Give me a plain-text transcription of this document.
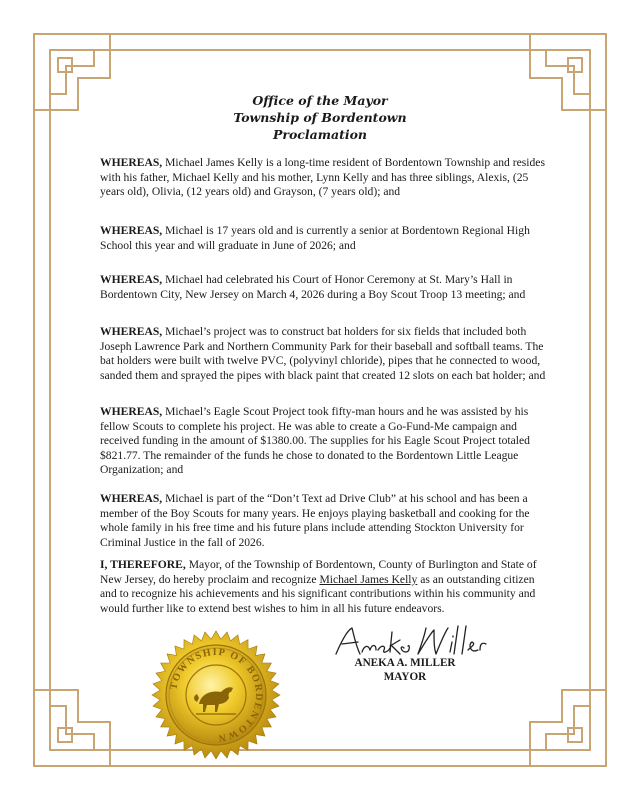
Office of the Mayor
Township of Bordentown
Proclamation

WHEREAS, Michael James Kelly is a long-time resident of Bordentown Township and resides with his father, Michael Kelly and his mother, Lynn Kelly and has three siblings, Alexis, (25 years old), Olivia, (12 years old) and Grayson, (7 years old); and

WHEREAS, Michael is 17 years old and is currently a senior at Bordentown Regional High School this year and will graduate in June of 2026; and

WHEREAS, Michael had celebrated his Court of Honor Ceremony at St. Mary’s Hall in Bordentown City, New Jersey on March 4, 2026 during a Boy Scout Troop 13 meeting; and

WHEREAS, Michael’s project was to construct bat holders for six fields that included both Joseph Lawrence Park and Northern Community Park for their baseball and softball teams. The bat holders were built with twelve PVC, (polyvinyl chloride), pipes that he connected to wood, sanded them and sprayed the pipes with black paint that created 12 slots on each bat holder; and

WHEREAS, Michael’s Eagle Scout Project took fifty-man hours and he was assisted by his fellow Scouts to complete his project. He was able to create a Go-Fund-Me campaign and received funding in the amount of $1380.00. The supplies for his Eagle Scout Project totaled $821.77. The remainder of the funds he chose to donated to the Bordentown Little League Organization; and

WHEREAS, Michael is part of the “Don’t Text ad Drive Club” at his school and has been a member of the Boy Scouts for many years. He enjoys playing basketball and cooking for the whole family in his free time and his future plans include attending Stockton University for Criminal Justice in the fall of 2026.

I, THEREFORE, Mayor, of the Township of Bordentown, County of Burlington and State of New Jersey, do hereby proclaim and recognize Michael James Kelly as an outstanding citizen and to recognize his achievements and his significant contributions within his community and would further like to extend best wishes to him in all his future endeavors.

ANEKA A. MILLER
MAYOR
TOWNSHIP OF BORDENTOWN
